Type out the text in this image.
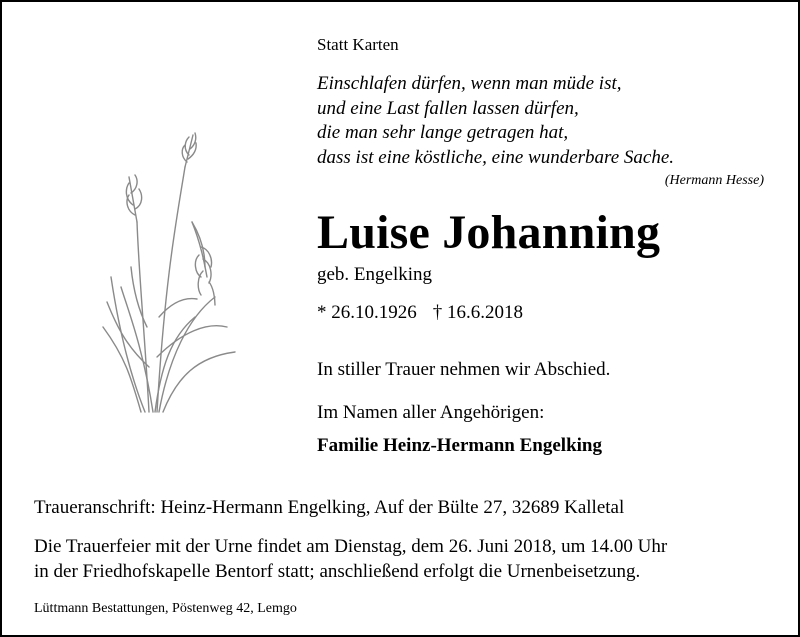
Statt Karten
Einschlafen dürfen, wenn man müde ist,
und eine Last fallen lassen dürfen,
die man sehr lange getragen hat,
dass ist eine köstliche, eine wunderbare Sache.
(Hermann Hesse)
Luise Johanning
geb. Engelking
* 26.10.1926 † 16.6.2018
In stiller Trauer nehmen wir Abschied.
Im Namen aller Angehörigen:
Familie Heinz-Hermann Engelking
Traueranschrift: Heinz-Hermann Engelking, Auf der Bülte 27, 32689 Kalletal
Die Trauerfeier mit der Urne findet am Dienstag, dem 26. Juni 2018, um 14.00 Uhr
in der Friedhofskapelle Bentorf statt; anschließend erfolgt die Urnenbeisetzung.
Lüttmann Bestattungen, Pöstenweg 42, Lemgo
